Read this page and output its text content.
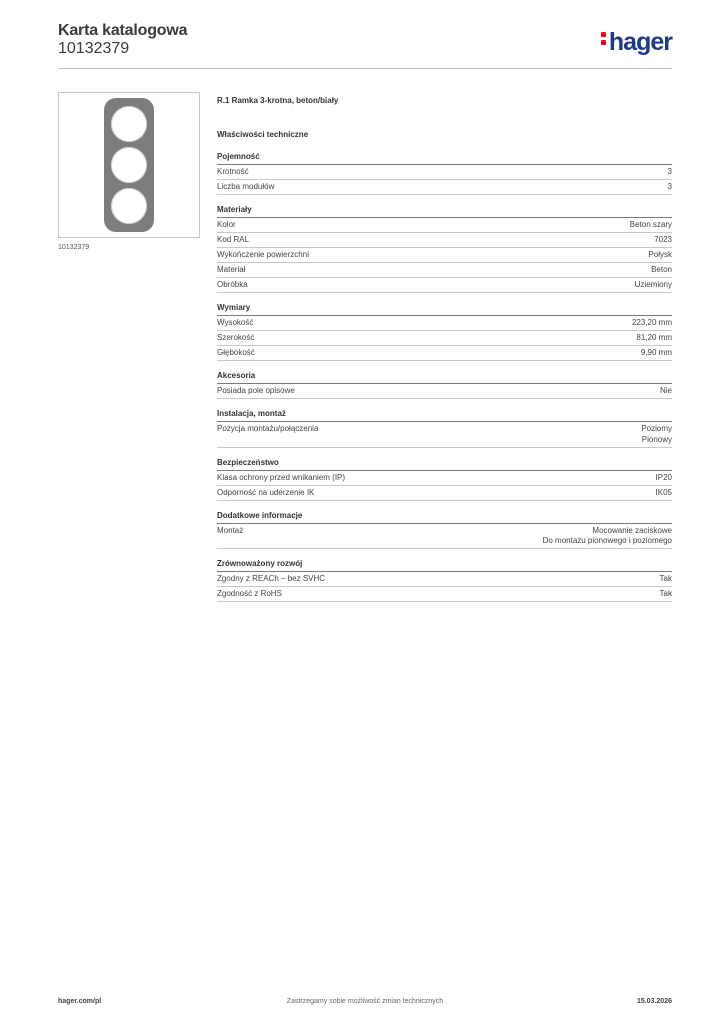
Karta katalogowa
10132379	hager
10132379
R.1 Ramka 3-krotna, beton/biały
Właściwości techniczne
Pojemność
Krotność	3
Liczba modułów	3
Materiały
Kolor	Beton szary
Kod RAL	7023
Wykończenie powierzchni	Połysk
Materiał	Beton
Obróbka	Uziemiony
Wymiary
Wysokość	223,20 mm
Szerokość	81,20 mm
Głębokość	9,90 mm
Akcesoria
Posiada pole opisowe	Nie
Instalacja, montaż
Pozycja montażu/połączenia	Poziomy
Pionowy
Bezpieczeństwo
Klasa ochrony przed wnikaniem (IP)	IP20
Odporność na uderzenie IK	IK05
Dodatkowe informacje
Montaż	Mocowanie zaciskowe
Do montażu pionowego i poziomego
Zrównoważony rozwój
Zgodny z REACh – bez SVHC	Tak
Zgodność z RoHS	Tak
Zastrzegamy sobie możliwość zmian technicznych
hager.com/pl	15.03.2026
